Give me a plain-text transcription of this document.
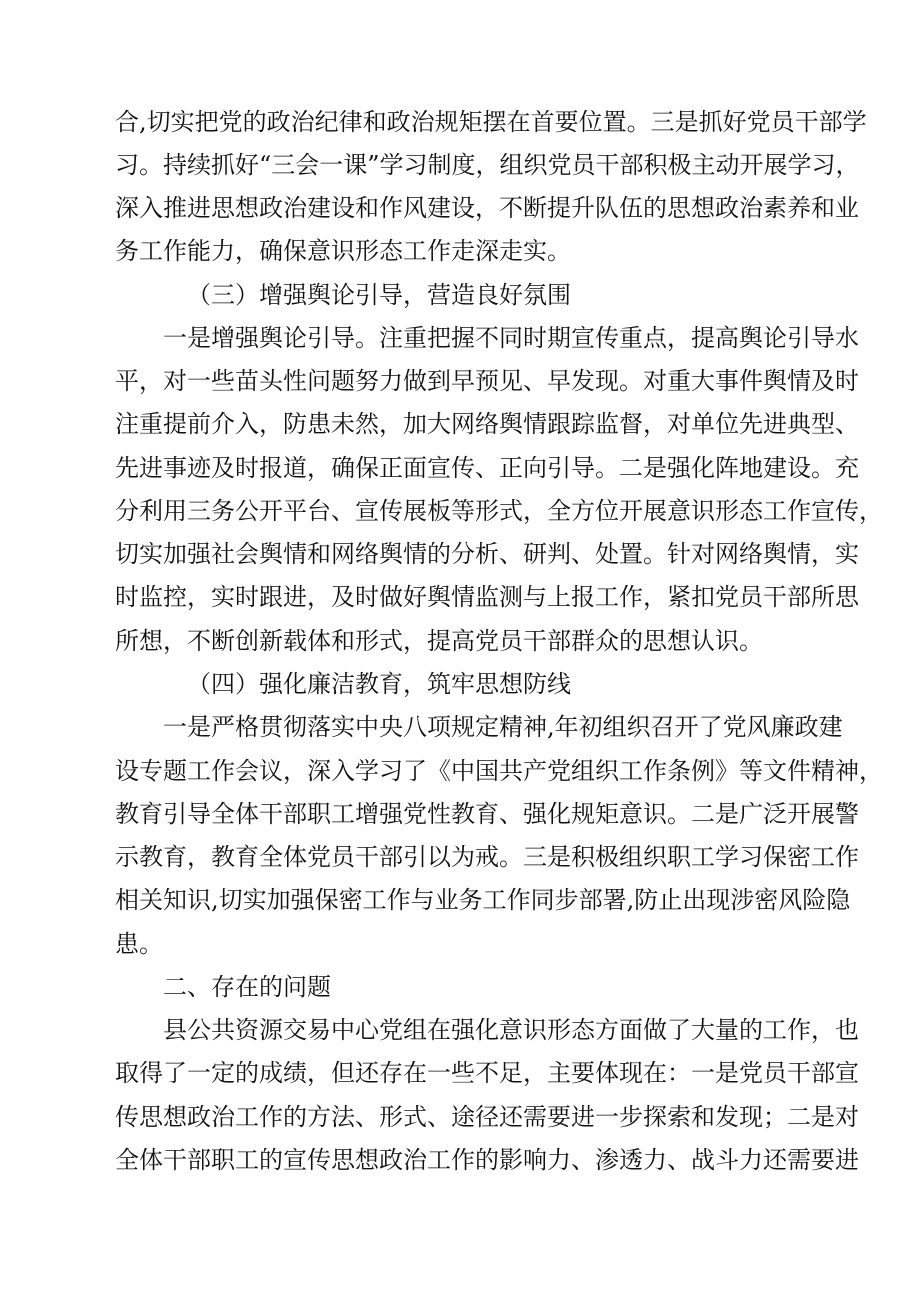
合,切实把党的政治纪律和政治规矩摆在首要位置。三是抓好党员干部学
习。持续抓好“三会一课”学习制度，组织党员干部积极主动开展学习，
深入推进思想政治建设和作风建设，不断提升队伍的思想政治素养和业
务工作能力，确保意识形态工作走深走实。
（三）增强舆论引导，营造良好氛围
一是增强舆论引导。注重把握不同时期宣传重点，提高舆论引导水
平，对一些苗头性问题努力做到早预见、早发现。对重大事件舆情及时
注重提前介入，防患未然，加大网络舆情跟踪监督，对单位先进典型、
先进事迹及时报道，确保正面宣传、正向引导。二是强化阵地建设。充
分利用三务公开平台、宣传展板等形式，全方位开展意识形态工作宣传，
切实加强社会舆情和网络舆情的分析、研判、处置。针对网络舆情，实
时监控，实时跟进，及时做好舆情监测与上报工作，紧扣党员干部所思
所想，不断创新载体和形式，提高党员干部群众的思想认识。
（四）强化廉洁教育，筑牢思想防线
一是严格贯彻落实中央八项规定精神,年初组织召开了党风廉政建
设专题工作会议，深入学习了《中国共产党组织工作条例》等文件精神，
教育引导全体干部职工增强党性教育、强化规矩意识。二是广泛开展警
示教育，教育全体党员干部引以为戒。三是积极组织职工学习保密工作
相关知识,切实加强保密工作与业务工作同步部署,防止出现涉密风险隐
患。
二、存在的问题
县公共资源交易中心党组在强化意识形态方面做了大量的工作，也
取得了一定的成绩，但还存在一些不足，主要体现在：一是党员干部宣
传思想政治工作的方法、形式、途径还需要进一步探索和发现；二是对
全体干部职工的宣传思想政治工作的影响力、渗透力、战斗力还需要进
